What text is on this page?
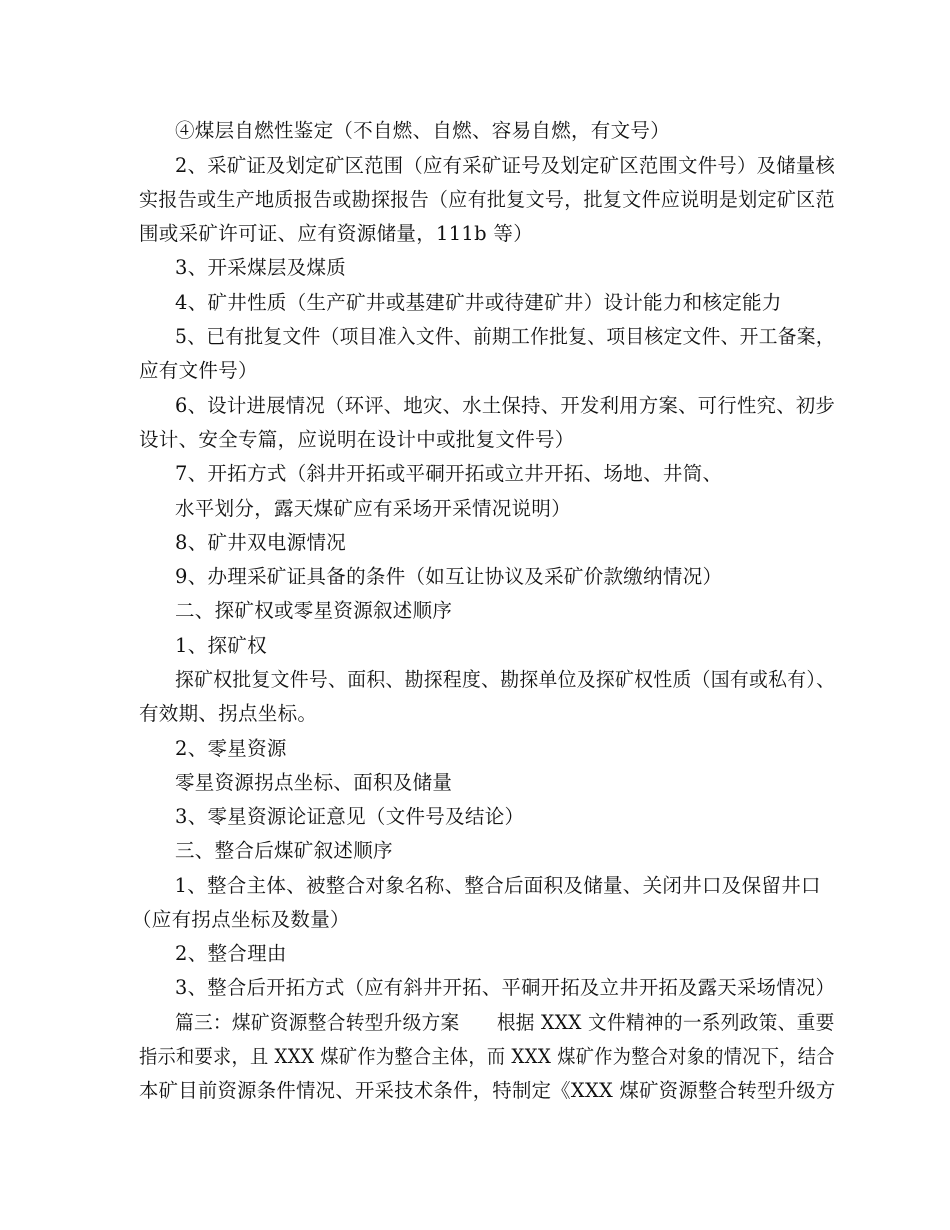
④煤层自燃性鉴定（不自燃、自燃、容易自燃，有文号）
2、采矿证及划定矿区范围（应有采矿证号及划定矿区范围文件号）及储量核
实报告或生产地质报告或勘探报告（应有批复文号，批复文件应说明是划定矿区范
围或采矿许可证、应有资源储量，111b 等）
3、开采煤层及煤质
4、矿井性质（生产矿井或基建矿井或待建矿井）设计能力和核定能力
5、已有批复文件（项目准入文件、前期工作批复、项目核定文件、开工备案，
应有文件号）
6、设计进展情况（环评、地灾、水土保持、开发利用方案、可行性究、初步
设计、安全专篇，应说明在设计中或批复文件号）
7、开拓方式（斜井开拓或平硐开拓或立井开拓、场地、井筒、
水平划分，露天煤矿应有采场开采情况说明）
8、矿井双电源情况
9、办理采矿证具备的条件（如互让协议及采矿价款缴纳情况）
二、探矿权或零星资源叙述顺序
1、探矿权
探矿权批复文件号、面积、勘探程度、勘探单位及探矿权性质（国有或私有）、
有效期、拐点坐标。
2、零星资源
零星资源拐点坐标、面积及储量
3、零星资源论证意见（文件号及结论）
三、整合后煤矿叙述顺序
1、整合主体、被整合对象名称、整合后面积及储量、关闭井口及保留井口
（应有拐点坐标及数量）
2、整合理由
3、整合后开拓方式（应有斜井开拓、平硐开拓及立井开拓及露天采场情况）
篇三：煤矿资源整合转型升级方案      根据 XXX 文件精神的一系列政策、重要
指示和要求，且 XXX 煤矿作为整合主体，而 XXX 煤矿作为整合对象的情况下，结合
本矿目前资源条件情况、开采技术条件，特制定《XXX 煤矿资源整合转型升级方
